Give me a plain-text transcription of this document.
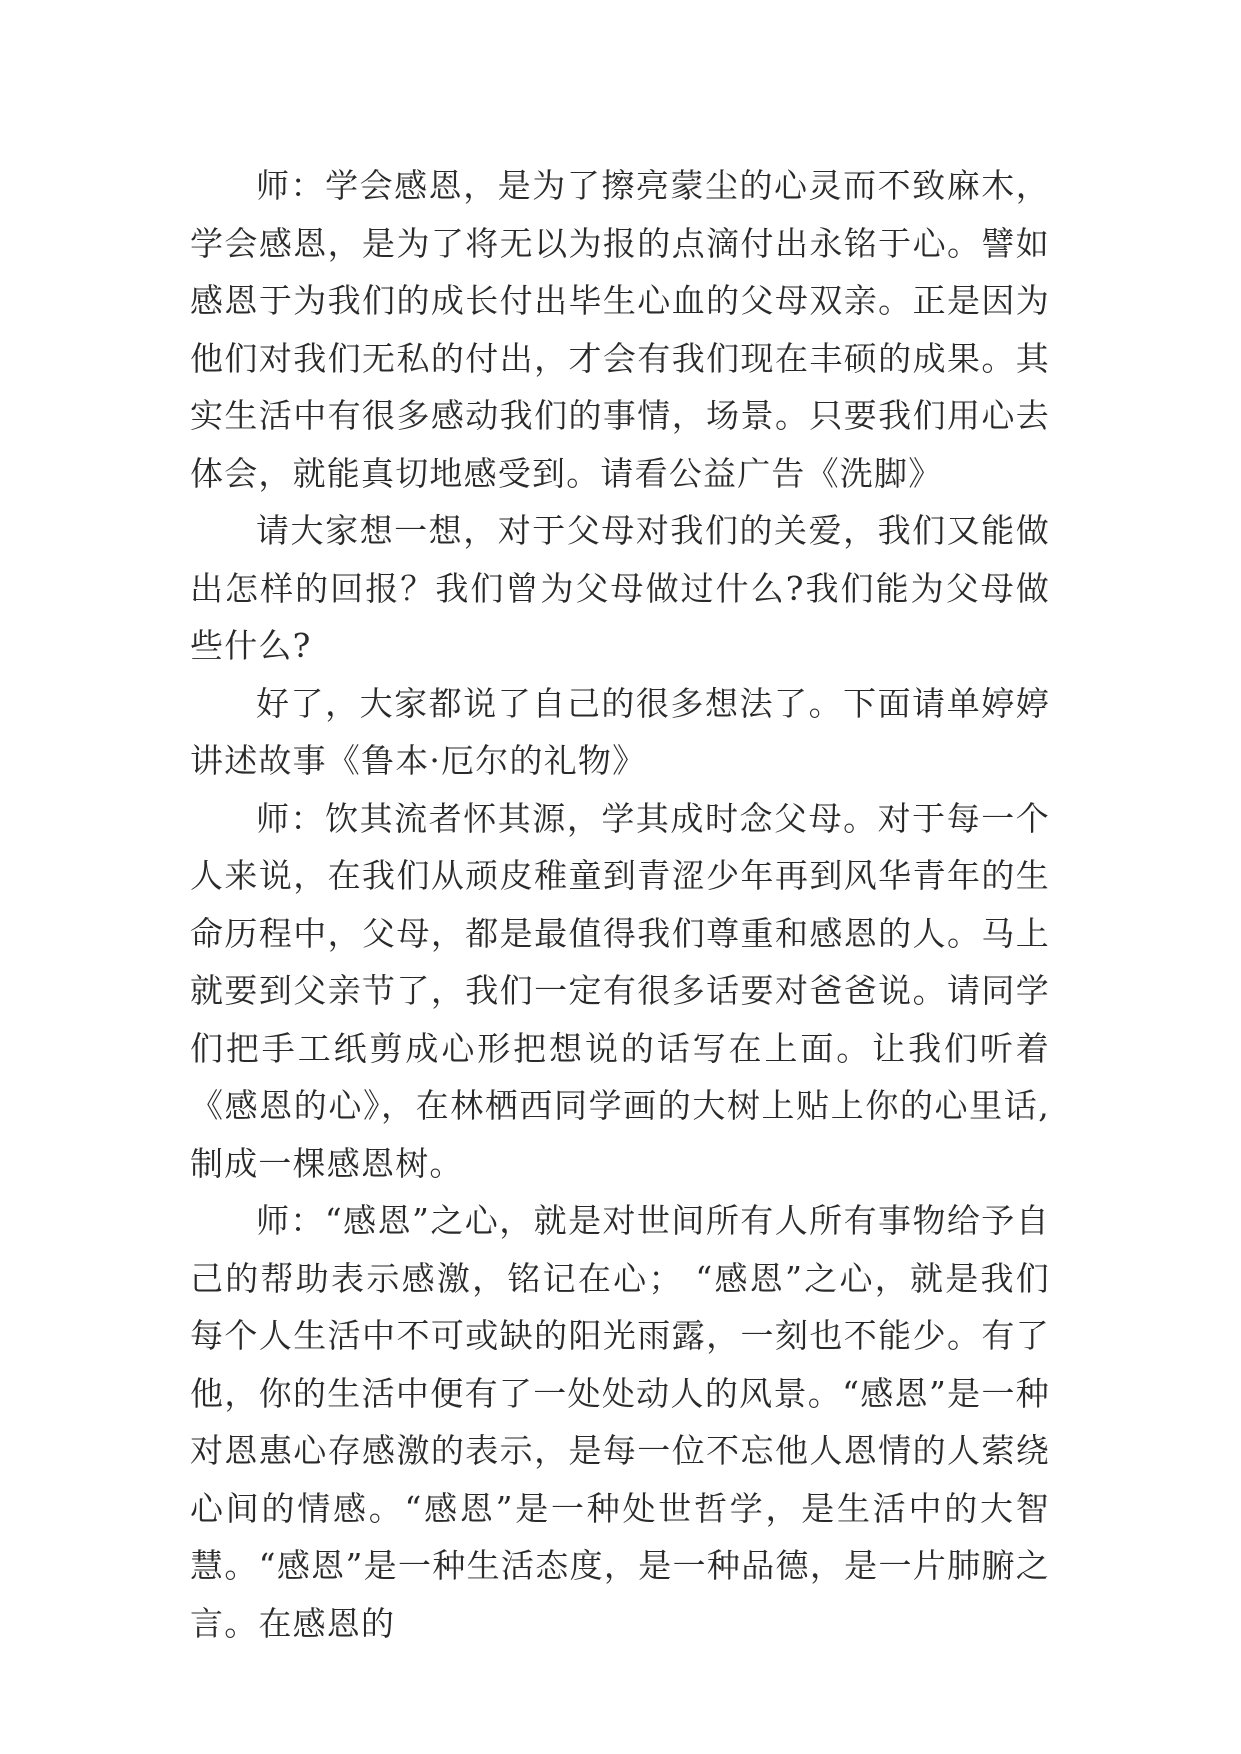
师：学会感恩，是为了擦亮蒙尘的心灵而不致麻木，学会感恩，是为了将无以为报的点滴付出永铭于心。譬如感恩于为我们的成长付出毕生心血的父母双亲。正是因为他们对我们无私的付出，才会有我们现在丰硕的成果。其实生活中有很多感动我们的事情，场景。只要我们用心去体会，就能真切地感受到。请看公益广告《洗脚》

请大家想一想，对于父母对我们的关爱，我们又能做出怎样的回报？我们曾为父母做过什么?我们能为父母做些什么?

好了，大家都说了自己的很多想法了。下面请单婷婷讲述故事《鲁本·厄尔的礼物》

师：饮其流者怀其源，学其成时念父母。对于每一个人来说，在我们从顽皮稚童到青涩少年再到风华青年的生命历程中，父母，都是最值得我们尊重和感恩的人。马上就要到父亲节了，我们一定有很多话要对爸爸说。请同学们把手工纸剪成心形把想说的话写在上面。让我们听着《感恩的心》，在林栖西同学画的大树上贴上你的心里话,制成一棵感恩树。

师：“感恩”之心，就是对世间所有人所有事物给予自己的帮助表示感激，铭记在心； “感恩”之心，就是我们每个人生活中不可或缺的阳光雨露，一刻也不能少。有了他，你的生活中便有了一处处动人的风景。“感恩”是一种对恩惠心存感激的表示，是每一位不忘他人恩情的人萦绕心间的情感。“感恩”是一种处世哲学，是生活中的大智慧。“感恩”是一种生活态度，是一种品德，是一片肺腑之言。在感恩的
